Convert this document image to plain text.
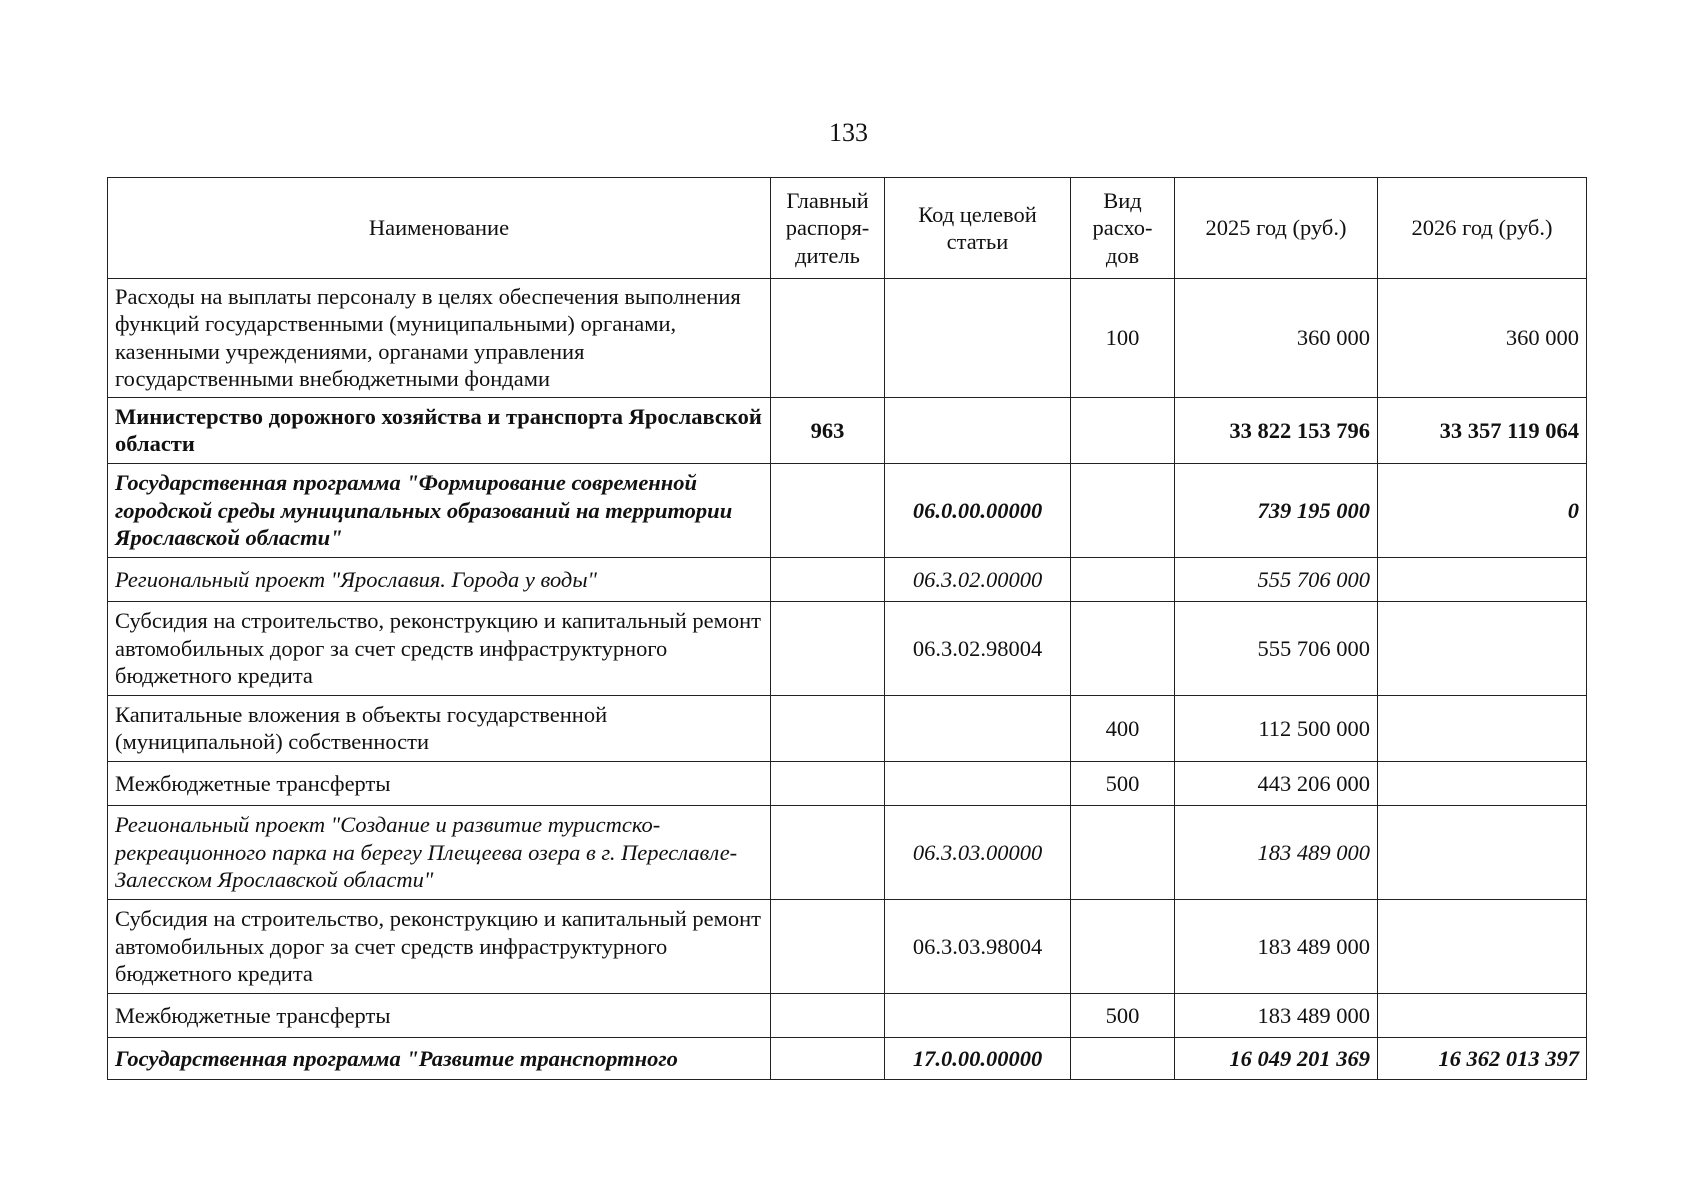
133
Наименование	Главный распоря-дитель	Код целевой статьи	Вид расхо-дов	2025 год (руб.)	2026 год (руб.)
Расходы на выплаты персоналу в целях обеспечения выполнения функций государственными (муниципальными) органами, казенными учреждениями, органами управления государственными внебюджетными фондами			100	360 000	360 000
Министерство дорожного хозяйства и транспорта Ярославской области	963			33 822 153 796	33 357 119 064
Государственная программа "Формирование современной городской среды муниципальных образований на территории Ярославской области"		06.0.00.00000		739 195 000	0
Региональный проект "Ярославия. Города у воды"		06.3.02.00000		555 706 000	
Субсидия на строительство, реконструкцию и капитальный ремонт автомобильных дорог за счет средств инфраструктурного бюджетного кредита		06.3.02.98004		555 706 000	
Капитальные вложения в объекты государственной (муниципальной) собственности			400	112 500 000	
Межбюджетные трансферты			500	443 206 000	
Региональный проект "Создание и развитие туристско-рекреационного парка на берегу Плещеева озера в г. Переславле-Залесском Ярославской области"		06.3.03.00000		183 489 000	
Субсидия на строительство, реконструкцию и капитальный ремонт автомобильных дорог за счет средств инфраструктурного бюджетного кредита		06.3.03.98004		183 489 000	
Межбюджетные трансферты			500	183 489 000	
Государственная программа "Развитие транспортного		17.0.00.00000		16 049 201 369	16 362 013 397
